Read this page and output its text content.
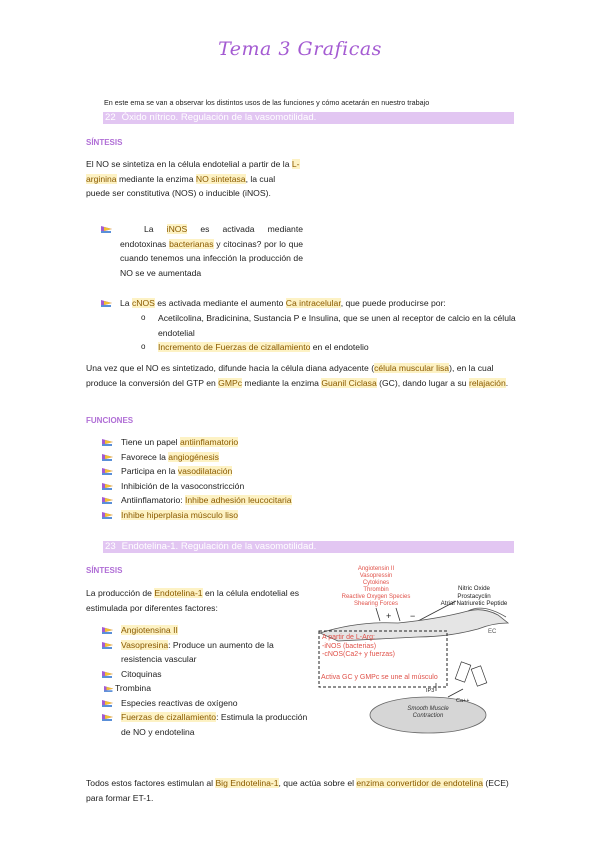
Tema 3 Graficas
En este ema se van a observar los distintos usos de las funciones y cómo acetarán en nuestro trabajo
22 Óxido nítrico. Regulación de la vasomotilidad.
SÍNTESIS
El NO se sintetiza en la célula endotelial a partir de la L-arginina mediante la enzima NO sintetasa, la cual puede ser constitutiva (NOS) o inducible (iNOS).
La iNOS es activada mediante endotoxinas bacterianas y citocinas? por lo que cuando tenemos una infección la producción de NO se ve aumentada
La cNOS es activada mediante el aumento Ca intracelular, que puede producirse por:
o Acetilcolina, Bradicinina, Sustancia P e Insulina, que se unen al receptor de calcio en la célula endotelial
o Incremento de Fuerzas de cizallamiento en el endotelio
Una vez que el NO es sintetizado, difunde hacia la célula diana adyacente (célula muscular lisa), en la cual produce la conversión del GTP en GMPc mediante la enzima Guanil Ciclasa (GC), dando lugar a su relajación.
FUNCIONES
Tiene un papel antiinflamatorio
Favorece la angiogénesis
Participa en la vasodilatación
Inhibición de la vasoconstricción
Antiinflamatorio: Inhibe adhesión leucocitaria
Inhibe hiperplasia músculo liso
23 Endotelina-1. Regulación de la vasomotilidad.
SÍNTESIS
La producción de Endotelina-1 en la célula endotelial es estimulada por diferentes factores:
Angiotensina II
Vasopresina: Produce un aumento de la resistencia vascular
Citoquinas
Trombina
Especies reactivas de oxígeno
Fuerzas de cizallamiento: Estimula la producción de NO y endotelina
Angiotensin II
Vasopressin
Cytokines
Thrombin
Reactive Oxygen Species
Shearing Forces
Nitric Oxide
Prostacyclin
Atrial Natriuretic Peptide
+ −
EC
A partir de L-Arg:
-iNOS (bacterias)
-cNOS(Ca2+ y fuerzas)
Activa GC y GMPc se une al músculo
IP3
Ca++
Smooth Muscle
Contraction
Todos estos factores estimulan al Big Endotelina-1, que actúa sobre el enzima convertidor de endotelina (ECE) para formar ET-1.
